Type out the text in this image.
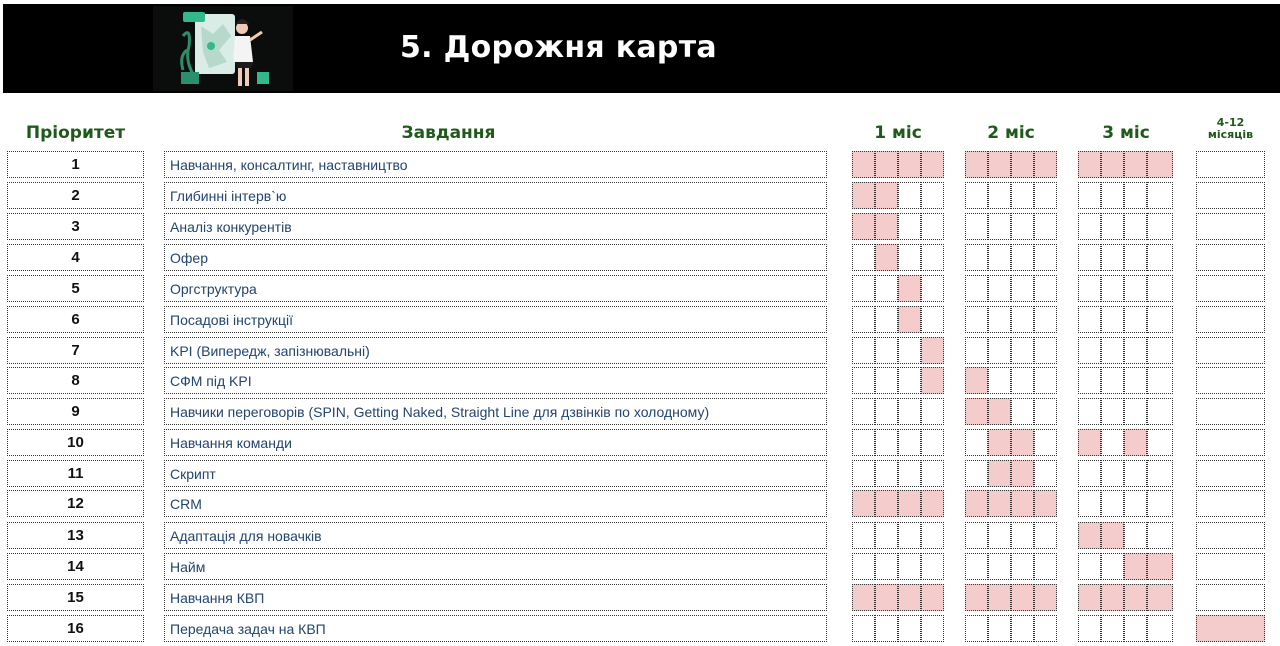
5. Дорожня карта
Пріоритет	Завдання	1 міс	2 міс	3 міс
4-12
місяців
1	Навчання, консалтинг, наставництво
2	Глибинні інтерв`ю
3	Аналіз конкурентів
4	Офер
5	Оргструктура
6	Посадові інструкції
7	KPI (Випередж, запізнювальні)
8	СФМ під KPI
9	Навчики переговорів (SPIN, Getting Naked, Straight Line для дзвінків по холодному)
10	Навчання команди
11	Скрипт
12	CRM
13	Адаптація для новачків
14	Найм
15	Навчання КВП
16	Передача задач на КВП
